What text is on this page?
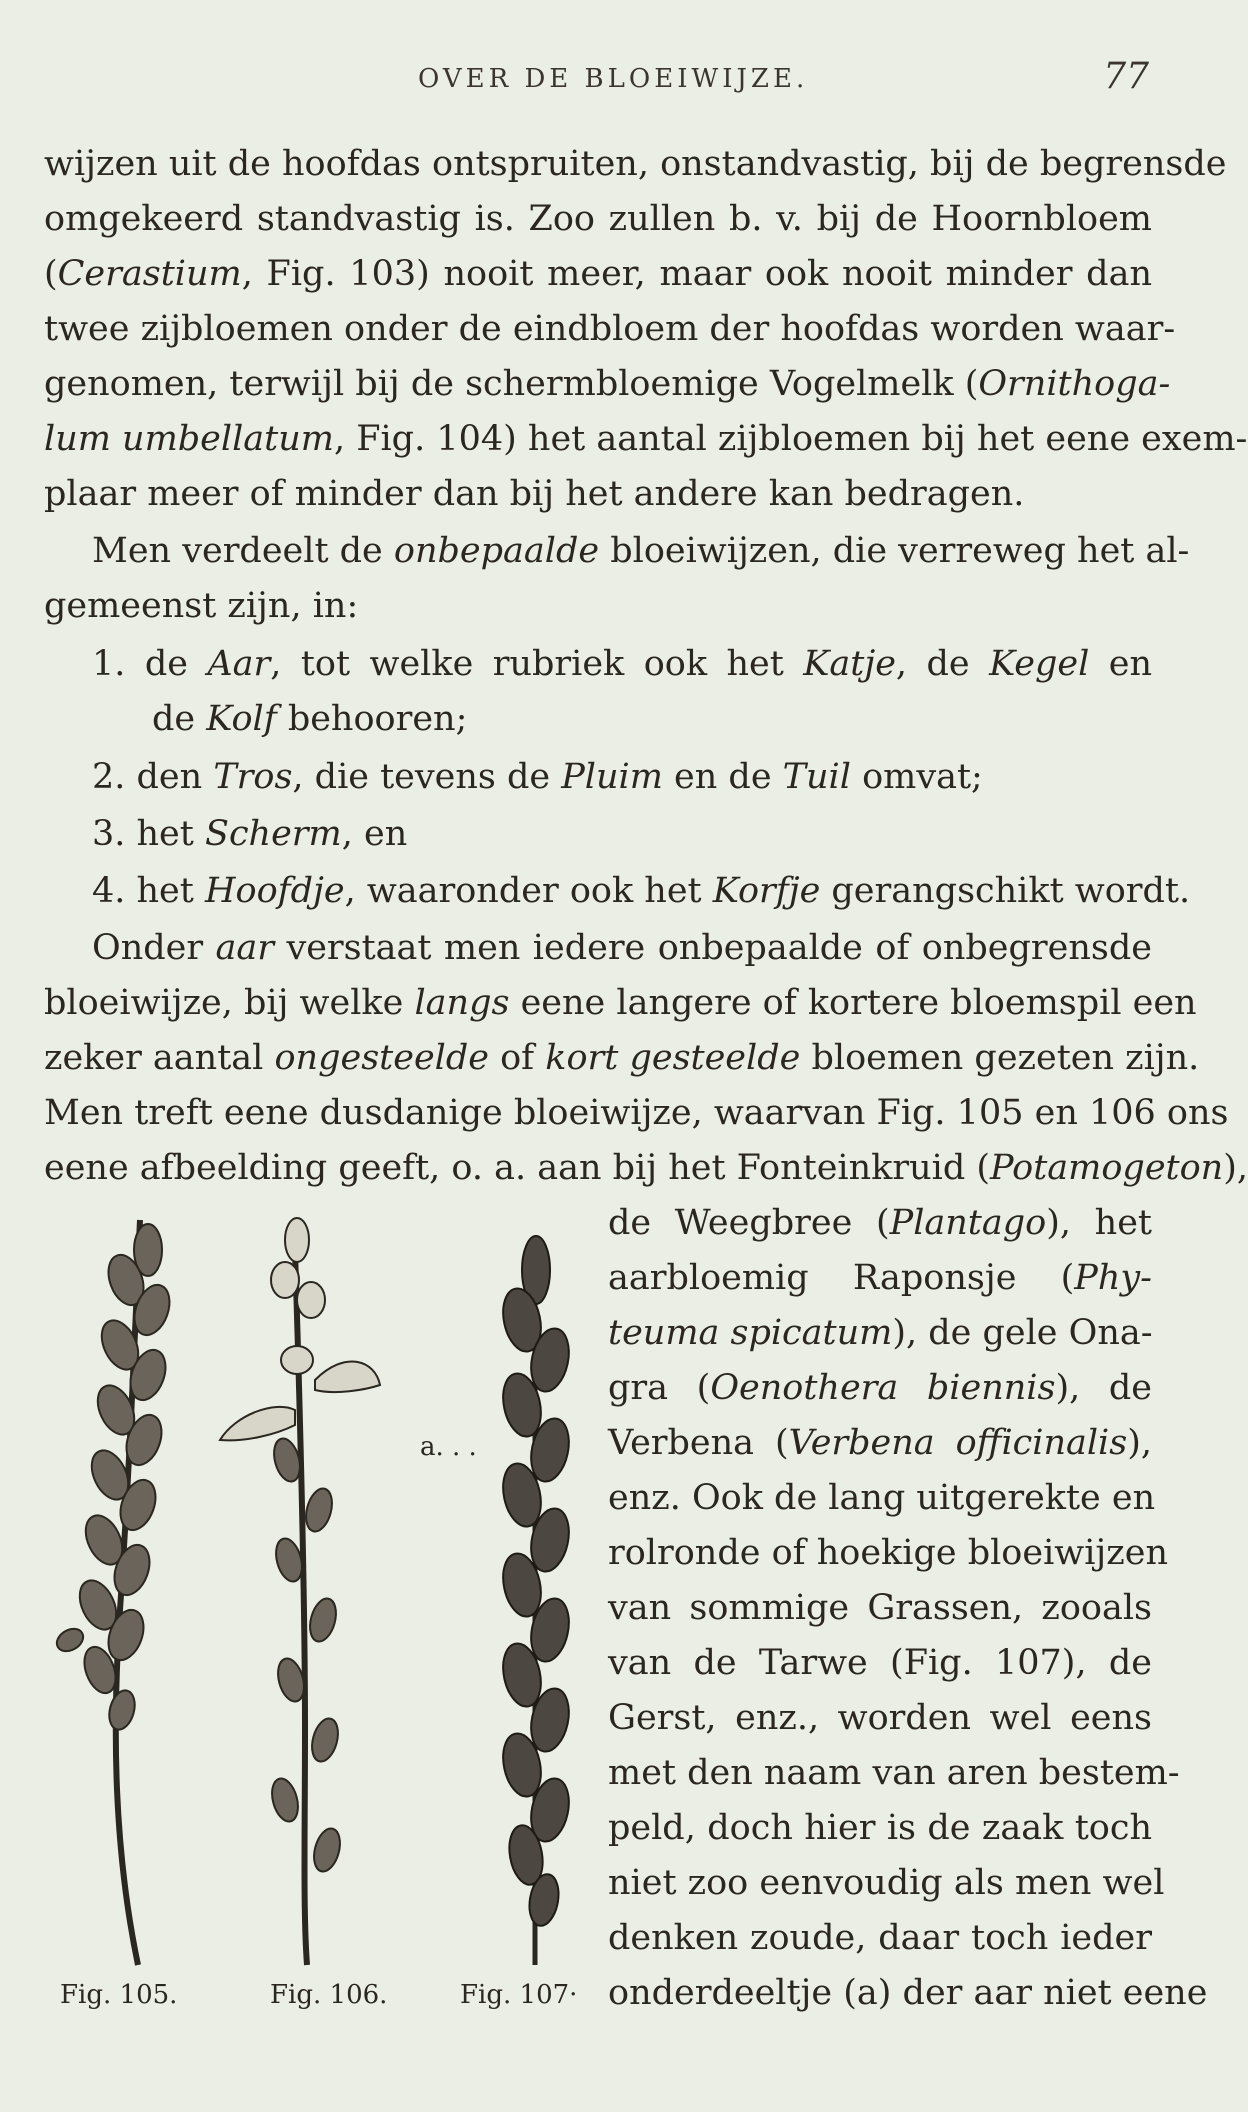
OVER DE BLOEIWIJZE.	77
wijzen uit de hoofdas ontspruiten, onstandvastig, bij de begrensde
omgekeerd standvastig is. Zoo zullen b. v. bij de Hoornbloem
(Cerastium, Fig. 103) nooit meer, maar ook nooit minder dan
twee zijbloemen onder de eindbloem der hoofdas worden waar-
genomen, terwijl bij de schermbloemige Vogelmelk (Ornithoga-
lum umbellatum, Fig. 104) het aantal zijbloemen bij het eene exem-
plaar meer of minder dan bij het andere kan bedragen.
Men verdeelt de onbepaalde bloeiwijzen, die verreweg het al-
gemeenst zijn, in:
1. de Aar, tot welke rubriek ook het Katje, de Kegel en
de Kolf behooren;
2. den Tros, die tevens de Pluim en de Tuil omvat;
3. het Scherm, en
4. het Hoofdje, waaronder ook het Korfje gerangschikt wordt.
Onder aar verstaat men iedere onbepaalde of onbegrensde
bloeiwijze, bij welke langs eene langere of kortere bloemspil een
zeker aantal ongesteelde of kort gesteelde bloemen gezeten zijn.
Men treft eene dusdanige bloeiwijze, waarvan Fig. 105 en 106 ons
eene afbeelding geeft, o. a. aan bij het Fonteinkruid (Potamogeton),
de Weegbree (Plantago), het
aarbloemig Raponsje (Phy-
teuma spicatum), de gele Ona-
gra (Oenothera biennis), de
Verbena (Verbena officinalis),
enz. Ook de lang uitgerekte en
rolronde of hoekige bloeiwijzen
van sommige Grassen, zooals
van de Tarwe (Fig. 107), de
Gerst, enz., worden wel eens
met den naam van aren bestem-
peld, doch hier is de zaak toch
niet zoo eenvoudig als men wel
denken zoude, daar toch ieder
onderdeeltje (a) der aar niet eene
a. . .
Fig. 105.	Fig. 106.	Fig. 107·
